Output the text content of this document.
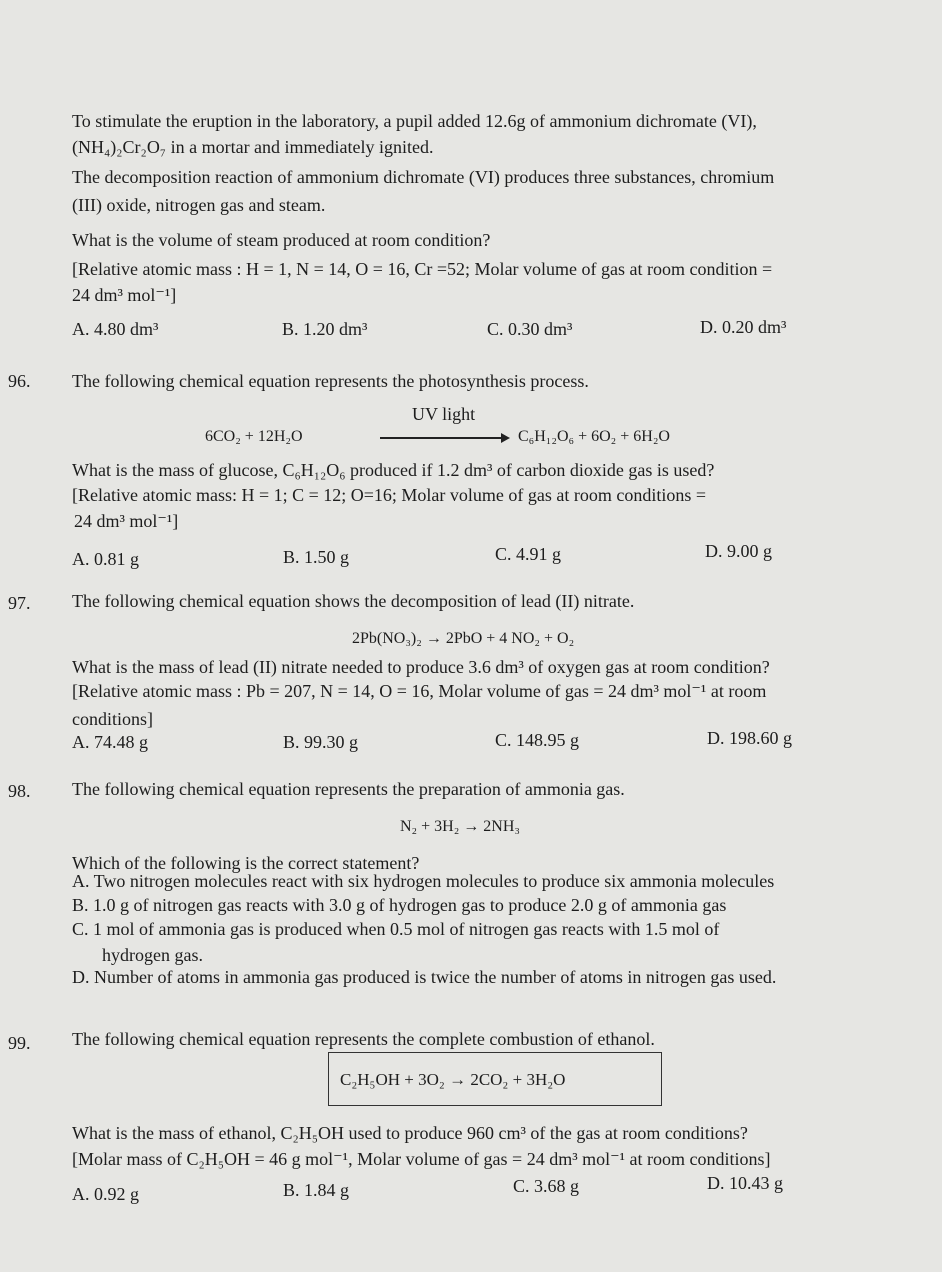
To stimulate the eruption in the laboratory, a pupil added 12.6g of ammonium dichromate (VI),
(NH₄)₂Cr₂O₇ in a mortar and immediately ignited.
The decomposition reaction of ammonium dichromate (VI) produces three substances, chromium
(III) oxide, nitrogen gas and steam.
What is the volume of steam produced at room condition?
[Relative atomic mass : H = 1, N = 14, O = 16, Cr =52; Molar volume of gas at room condition =
24 dm³ mol⁻¹]
A. 4.80 dm³	B. 1.20 dm³	C. 0.30 dm³	D. 0.20 dm³
96. The following chemical equation represents the photosynthesis process.
UV light
6CO₂ + 12H₂O	C₆H₁₂O₆ + 6O₂ + 6H₂O
What is the mass of glucose, C₆H₁₂O₆ produced if 1.2 dm³ of carbon dioxide gas is used?
[Relative atomic mass: H = 1; C = 12; O=16; Molar volume of gas at room conditions =
24 dm³ mol⁻¹]
A. 0.81 g	B. 1.50 g	C. 4.91 g	D. 9.00 g
97. The following chemical equation shows the decomposition of lead (II) nitrate.
2Pb(NO₃)₂ → 2PbO + 4 NO₂ + O₂
What is the mass of lead (II) nitrate needed to produce 3.6 dm³ of oxygen gas at room condition?
[Relative atomic mass : Pb = 207, N = 14, O = 16, Molar volume of gas = 24 dm³ mol⁻¹ at room
conditions]
A. 74.48 g	B. 99.30 g	C. 148.95 g	D. 198.60 g
98. The following chemical equation represents the preparation of ammonia gas.
N₂ + 3H₂ → 2NH₃
Which of the following is the correct statement?
A. Two nitrogen molecules react with six hydrogen molecules to produce six ammonia molecules
B. 1.0 g of nitrogen gas reacts with 3.0 g of hydrogen gas to produce 2.0 g of ammonia gas
C. 1 mol of ammonia gas is produced when 0.5 mol of nitrogen gas reacts with 1.5 mol of
hydrogen gas.
D. Number of atoms in ammonia gas produced is twice the number of atoms in nitrogen gas used.
99. The following chemical equation represents the complete combustion of ethanol.
C₂H₅OH + 3O₂ → 2CO₂ + 3H₂O
What is the mass of ethanol, C₂H₅OH used to produce 960 cm³ of the gas at room conditions?
[Molar mass of C₂H₅OH = 46 g mol⁻¹, Molar volume of gas = 24 dm³ mol⁻¹ at room conditions]
A. 0.92 g	B. 1.84 g	C. 3.68 g	D. 10.43 g
